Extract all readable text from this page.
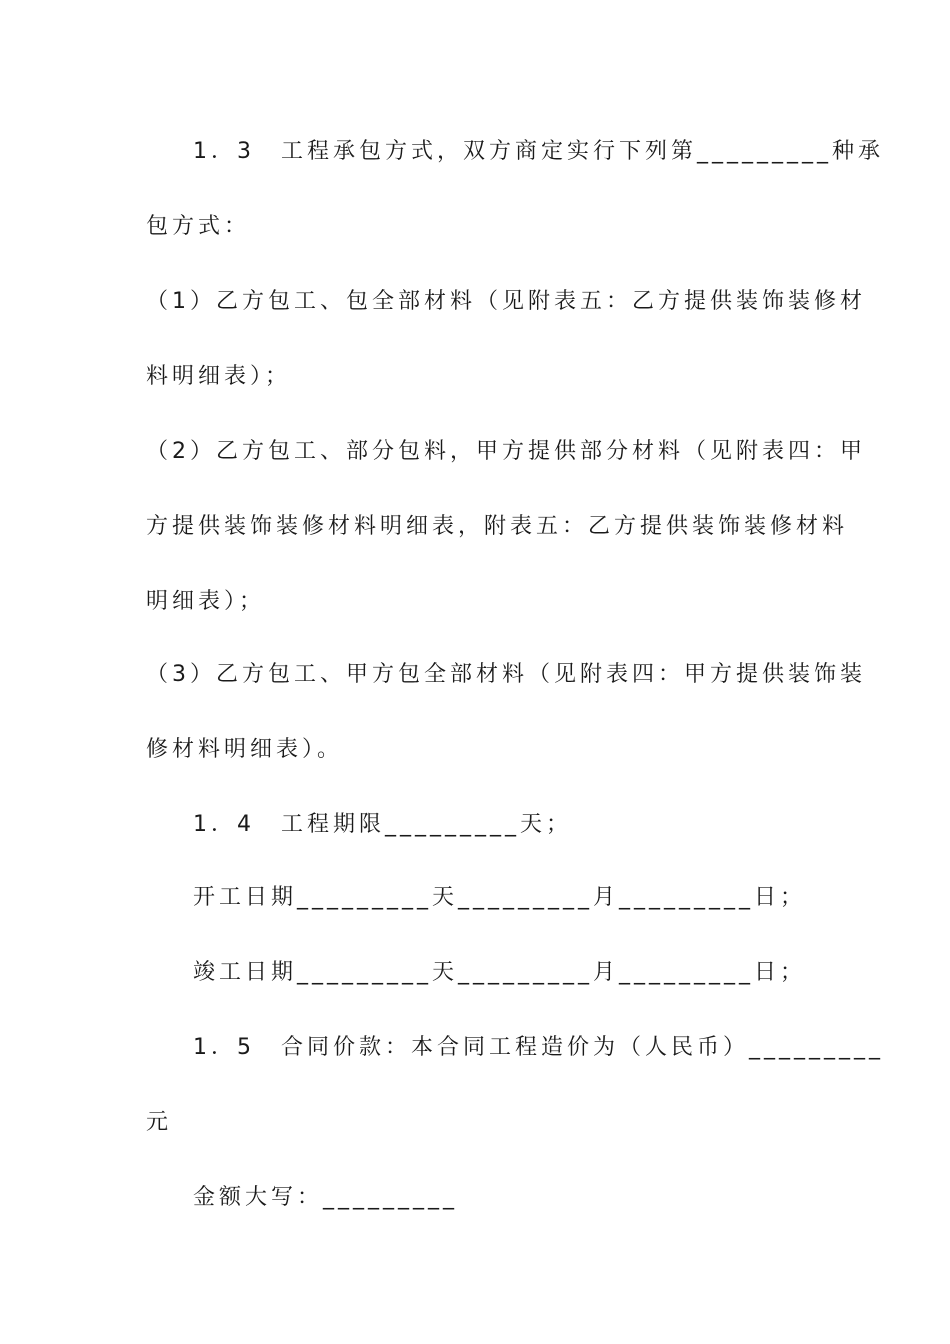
1．3　工程承包方式，双方商定实行下列第_________种承

包方式：

（1）乙方包工、包全部材料（见附表五：乙方提供装饰装修材

料明细表）；

（2）乙方包工、部分包料，甲方提供部分材料（见附表四：甲

方提供装饰装修材料明细表，附表五：乙方提供装饰装修材料

明细表）；

（3）乙方包工、甲方包全部材料（见附表四：甲方提供装饰装

修材料明细表）。

1．4　工程期限_________天；

开工日期_________天_________月_________日；

竣工日期_________天_________月_________日；

1．5　合同价款：本合同工程造价为（人民币）_________

元

金额大写：_________
